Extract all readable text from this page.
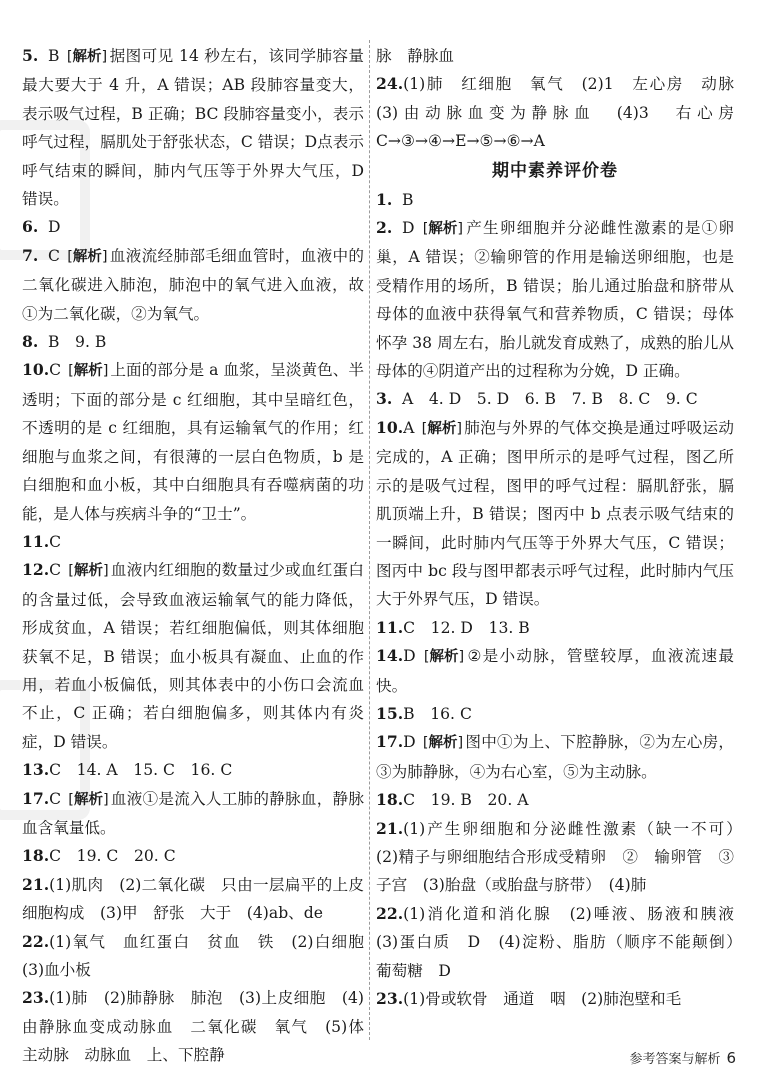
5. B [ 解析 ] 据图可见 14 秒左右，该同学肺容量最大要大于 4 升，A 错误；AB 段肺容量变大，表示吸气过程，B 正确；BC 段肺容量变小，表示呼气过程，膈肌处于舒张状态，C 错误；D点表示呼气结束的瞬间，肺内气压等于外界大气压，D 错误。
6. D
7. C [ 解析 ] 血液流经肺部毛细血管时，血液中的二氧化碳进入肺泡，肺泡中的氧气进入血液，故①为二氧化碳，②为氧气。
8. B　9. B
10.C [ 解析 ] 上面的部分是 a 血浆，呈淡黄色、半透明；下面的部分是 c 红细胞，其中呈暗红色，不透明的是 c 红细胞，具有运输氧气的作用；红细胞与血浆之间，有很薄的一层白色物质，b 是白细胞和血小板，其中白细胞具有吞噬病菌的功能，是人体与疾病斗争的“卫士”。
11.C
12.C [ 解析 ] 血液内红细胞的数量过少或血红蛋白的含量过低，会导致血液运输氧气的能力降低，形成贫血，A 错误；若红细胞偏低，则其体细胞获氧不足，B 错误；血小板具有凝血、止血的作用，若血小板偏低，则其体表中的小伤口会流血不止，C 正确；若白细胞偏多，则其体内有炎症，D 错误。
13.C　14. A　15. C　16. C
17.C [ 解析 ] 血液①是流入人工肺的静脉血，静脉血含氧量低。
18.C　19. C　20. C
21.(1)肌肉　(2)二氧化碳　只由一层扁平的上皮细胞构成　(3)甲　舒张　大于　(4)ab、de
22.(1)氧气　血红蛋白　贫血　铁　(2)白细胞　(3)血小板
23.(1)肺　(2)肺静脉　肺泡　(3)上皮细胞　(4)由静脉血变成动脉血　二氧化碳　氧气　(5)体　主动脉　动脉血　上、下腔静
脉　静脉血
24.(1)肺　红细胞　氧气　(2)1　左心房　动脉　(3)由动脉血变为静脉血　(4)3　右心房　C→③→④→E→⑤→⑥→A
期中素养评价卷
1. B
2. D [ 解析 ] 产生卵细胞并分泌雌性激素的是①卵巢，A 错误；②输卵管的作用是输送卵细胞，也是受精作用的场所，B 错误；胎儿通过胎盘和脐带从母体的血液中获得氧气和营养物质，C 错误；母体怀孕 38 周左右，胎儿就发育成熟了，成熟的胎儿从母体的④阴道产出的过程称为分娩，D 正确。
3. A　4. D　5. D　6. B　7. B　8. C　9. C
10.A [ 解析 ] 肺泡与外界的气体交换是通过呼吸运动完成的，A 正确；图甲所示的是呼气过程，图乙所示的是吸气过程，图甲的呼气过程：膈肌舒张，膈肌顶端上升，B 错误；图丙中 b 点表示吸气结束的一瞬间，此时肺内气压等于外界大气压，C 错误；图丙中 bc 段与图甲都表示呼气过程，此时肺内气压大于外界气压，D 错误。
11.C　12. D　13. B
14.D [ 解析 ] ②是小动脉，管壁较厚，血液流速最快。
15.B　16. C
17.D [ 解析 ] 图中①为上、下腔静脉，②为左心房，③为肺静脉，④为右心室，⑤为主动脉。
18.C　19. B　20. A
21.(1)产生卵细胞和分泌雌性激素（缺一不可）　(2)精子与卵细胞结合形成受精卵　②　输卵管　③　子宫　(3)胎盘（或胎盘与脐带）　(4)肺
22.(1)消化道和消化腺　(2)唾液、肠液和胰液　(3)蛋白质　D　(4)淀粉、脂肪（顺序不能颠倒）　葡萄糖　D
23.(1)骨或软骨　通道　咽　(2)肺泡壁和毛
参考答案与解析 6
